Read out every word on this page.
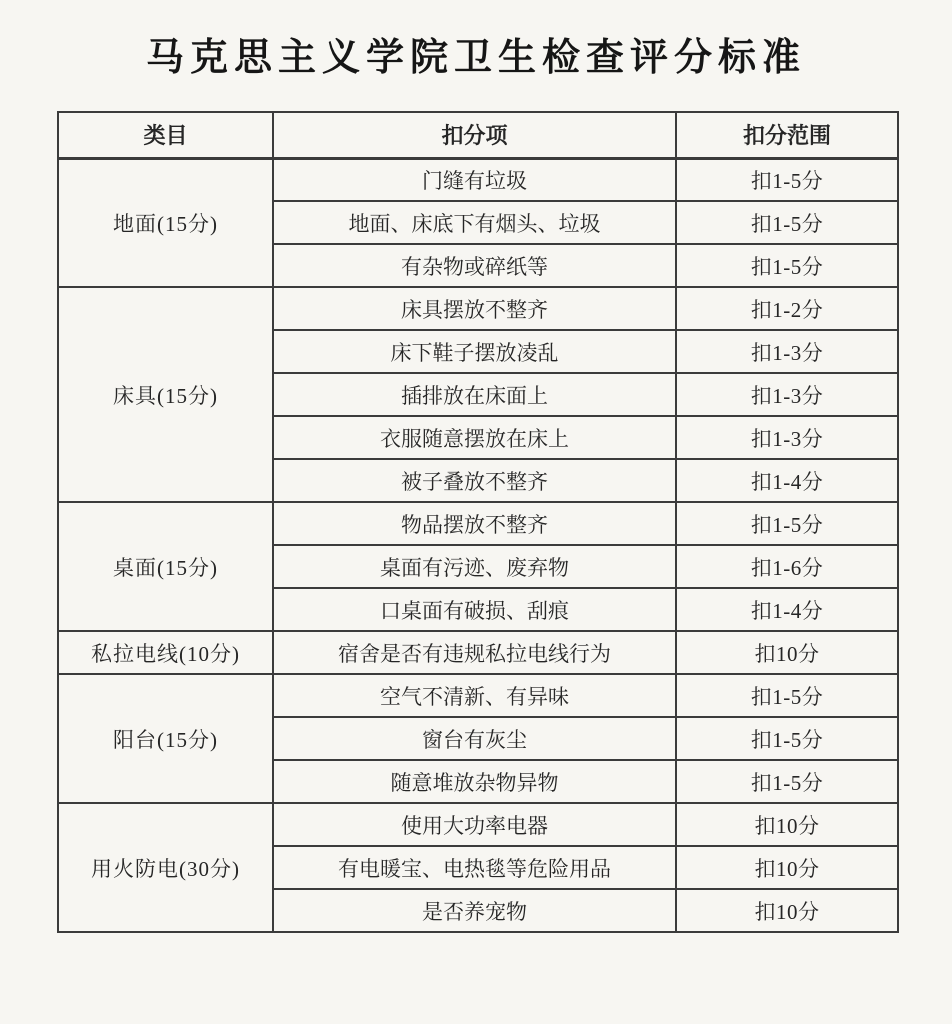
马克思主义学院卫生检查评分标准
类目	扣分项	扣分范围
地面(15分)	门缝有垃圾	扣1-5分
	地面、床底下有烟头、垃圾	扣1-5分
	有杂物或碎纸等	扣1-5分
床具(15分)	床具摆放不整齐	扣1-2分
	床下鞋子摆放凌乱	扣1-3分
	插排放在床面上	扣1-3分
	衣服随意摆放在床上	扣1-3分
	被子叠放不整齐	扣1-4分
桌面(15分)	物品摆放不整齐	扣1-5分
	桌面有污迹、废弃物	扣1-6分
	口桌面有破损、刮痕	扣1-4分
私拉电线(10分)	宿舍是否有违规私拉电线行为	扣10分
阳台(15分)	空气不清新、有异味	扣1-5分
	窗台有灰尘	扣1-5分
	随意堆放杂物异物	扣1-5分
用火防电(30分)	使用大功率电器	扣10分
	有电暖宝、电热毯等危险用品	扣10分
	是否养宠物	扣10分
